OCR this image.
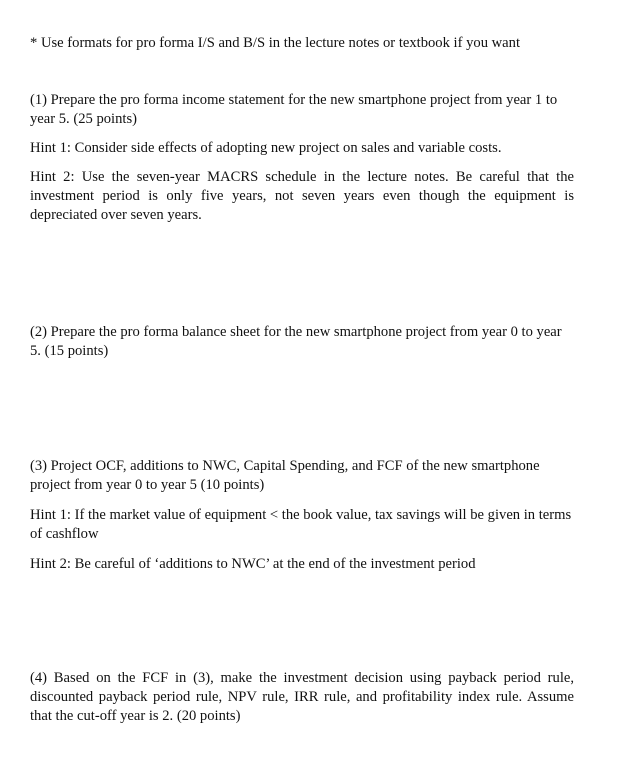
* Use formats for pro forma I/S and B/S in the lecture notes or textbook if you want

(1) Prepare the pro forma income statement for the new smartphone project from year 1 to year 5. (25 points)

Hint 1: Consider side effects of adopting new project on sales and variable costs.

Hint 2: Use the seven-year MACRS schedule in the lecture notes. Be careful that the investment period is only five years, not seven years even though the equipment is depreciated over seven years.

(2) Prepare the pro forma balance sheet for the new smartphone project from year 0 to year 5. (15 points)

(3) Project OCF, additions to NWC, Capital Spending, and FCF of the new smartphone project from year 0 to year 5 (10 points)

Hint 1: If the market value of equipment < the book value, tax savings will be given in terms of cashflow

Hint 2: Be careful of ‘additions to NWC’ at the end of the investment period

(4) Based on the FCF in (3), make the investment decision using payback period rule, discounted payback period rule, NPV rule, IRR rule, and profitability index rule. Assume that the cut-off year is 2. (20 points)
